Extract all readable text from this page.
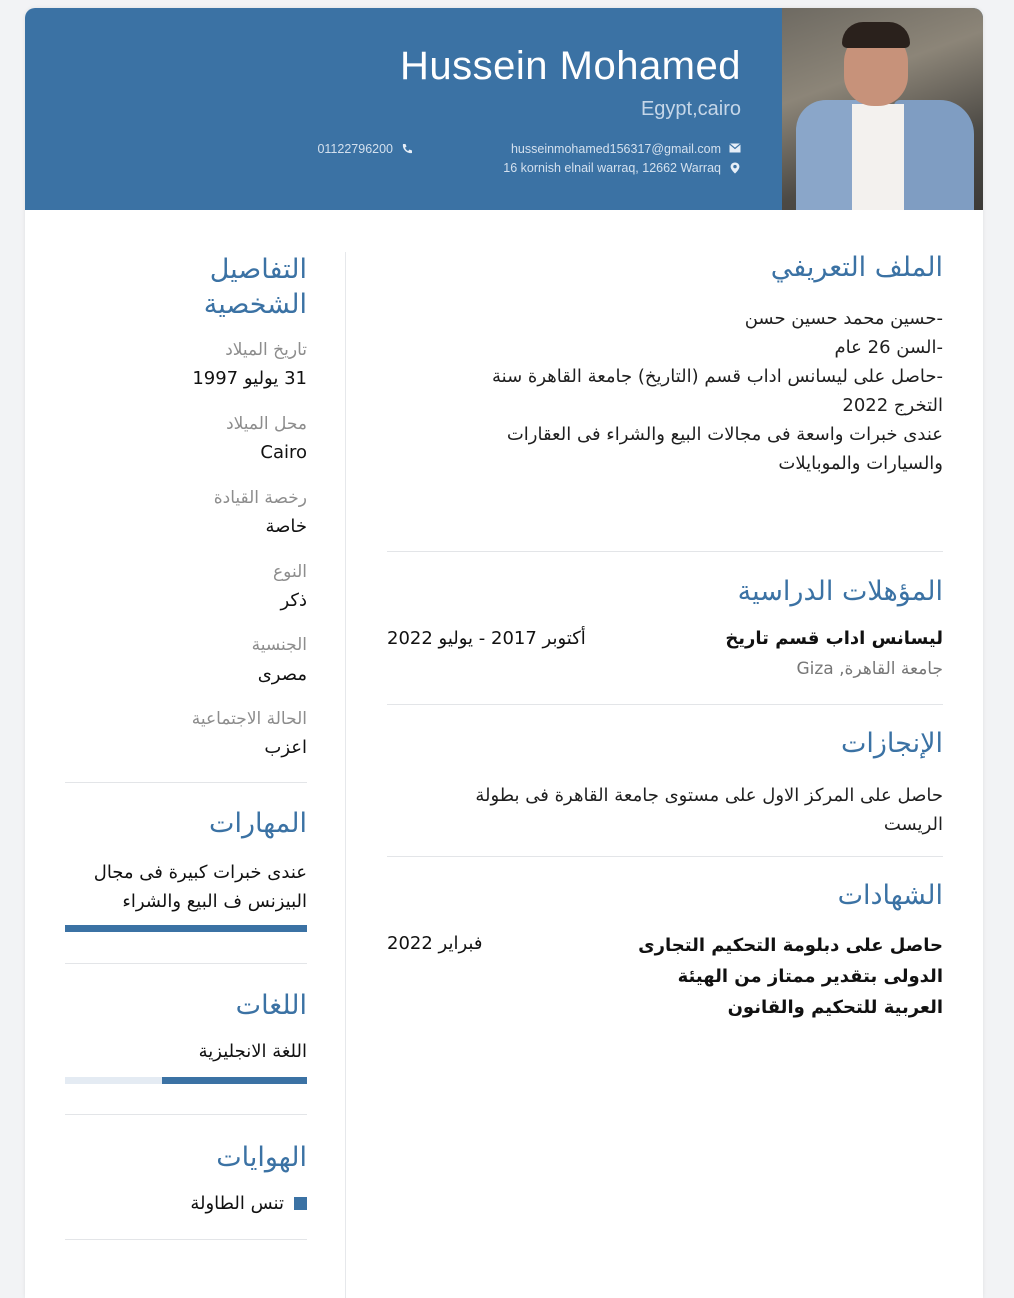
Hussein Mohamed
Egypt,cairo
husseinmohamed156317@gmail.com
01122796200
16 kornish elnail warraq, 12662 Warraq
الملف التعريفي
-حسين محمد حسين حسن
-السن 26 عام
-حاصل على ليسانس اداب قسم (التاريخ) جامعة القاهرة سنة التخرج 2022
عندى خبرات واسعة فى مجالات البيع والشراء فى العقارات والسيارات والموبايلات
المؤهلات الدراسية
ليسانس اداب قسم تاريخ
أكتوبر 2017 - يوليو 2022
جامعة القاهرة, Giza
الإنجازات
حاصل على المركز الاول على مستوى جامعة القاهرة فى بطولة الريست
الشهادات
حاصل على دبلومة التحكيم التجارى الدولى بتقدير ممتاز من الهيئة العربية للتحكيم والقانون
فبراير 2022
التفاصيل الشخصية
تاريخ الميلاد
31 يوليو 1997
محل الميلاد
Cairo
رخصة القيادة
خاصة
النوع
ذكر
الجنسية
مصرى
الحالة الاجتماعية
اعزب
المهارات
عندى خبرات كبيرة فى مجال البيزنس ف البيع والشراء
اللغات
اللغة الانجليزية
الهوايات
تنس الطاولة
